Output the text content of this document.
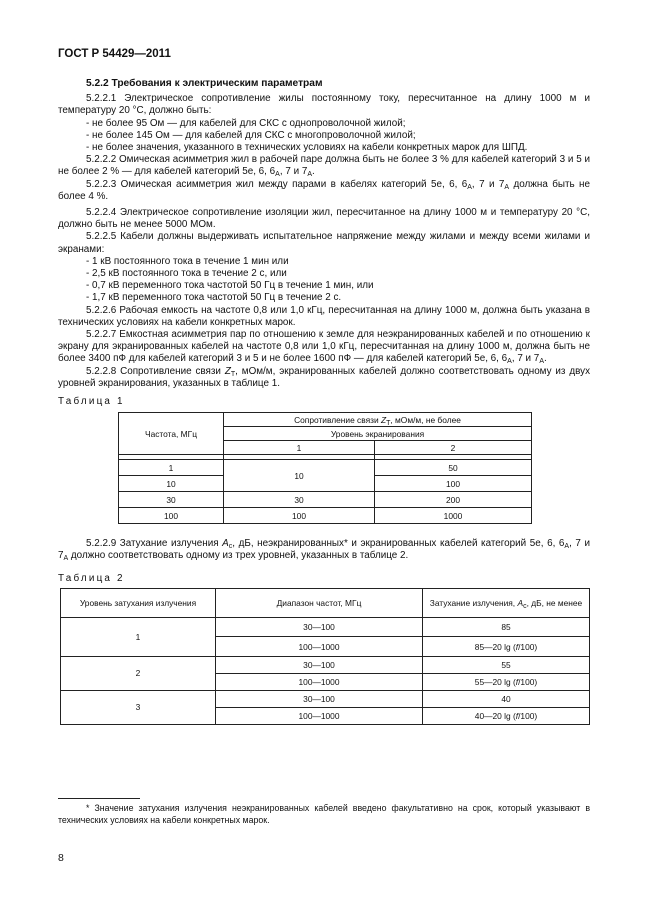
ГОСТ Р 54429—2011

5.2.2 Требования к электрическим параметрам

5.2.2.1 Электрическое сопротивление жилы постоянному току, пересчитанное на длину 1000 м и температуру 20 °С, должно быть:

- не более 95 Ом — для кабелей для СКС с однопроволочной жилой;

- не более 145 Ом — для кабелей для СКС с многопроволочной жилой;

- не более значения, указанного в технических условиях на кабели конкретных марок для ШПД.

5.2.2.2 Омическая асимметрия жил в рабочей паре должна быть не более 3 % для кабелей категорий 3 и 5 и не более 2 % — для кабелей категорий 5е, 6, $6_А$, 7 и $7_А$.

5.2.2.3 Омическая асимметрия жил между парами в кабелях категорий 5е, 6, $6_А$, 7 и $7_А$ должна быть не более 4 %.

5.2.2.4 Электрическое сопротивление изоляции жил, пересчитанное на длину 1000 м и температуру 20 °С, должно быть не менее 5000 МОм.

5.2.2.5 Кабели должны выдерживать испытательное напряжение между жилами и между всеми жилами и экранами:

- 1 кВ постоянного тока в течение 1 мин или

- 2,5 кВ постоянного тока в течение 2 с, или

- 0,7 кВ переменного тока частотой 50 Гц в течение 1 мин, или

- 1,7 кВ переменного тока частотой 50 Гц в течение 2 с.

5.2.2.6 Рабочая емкость на частоте 0,8 или 1,0 кГц, пересчитанная на длину 1000 м, должна быть указана в технических условиях на кабели конкретных марок.

5.2.2.7 Емкостная асимметрия пар по отношению к земле для неэкранированных кабелей и по отношению к экрану для экранированных кабелей на частоте 0,8 или 1,0 кГц, пересчитанная на длину 1000 м, должна быть не более 3400 пФ для кабелей категорий 3 и 5 и не более 1600 пФ — для кабелей категорий 5е, 6, $6_А$, 7 и $7_А$.

5.2.2.8 Сопротивление связи $Z_T$, мОм/м, экранированных кабелей должно соответствовать одному из двух уровней экранирования, указанных в таблице 1.

Таблица 1

Частота, МГц	Сопротивление связи $Z_T$, мОм/м, не более	
	Уровень экранирования	
	1	2

1	10	50
10		100
30	30	200
100	100	1000

5.2.2.9 Затухание излучения $A_с$, дБ, неэкранированных* и экранированных кабелей категорий 5е, 6, $6_А$, 7 и $7_А$ должно соответствовать одному из трех уровней, указанных в таблице 2.

Таблица 2

Уровень затухания излучения	Диапазон частот, МГц	Затухание излучения, $A_с$, дБ, не менее
1	30—100	85
	100—1000	85—20 lg (f/100)
2	30—100	55
	100—1000	55—20 lg (f/100)
3	30—100	40
	100—1000	40—20 lg (f/100)

* Значение затухания излучения неэкранированных кабелей введено факультативно на срок, который указывают в технических условиях на кабели конкретных марок.

8
